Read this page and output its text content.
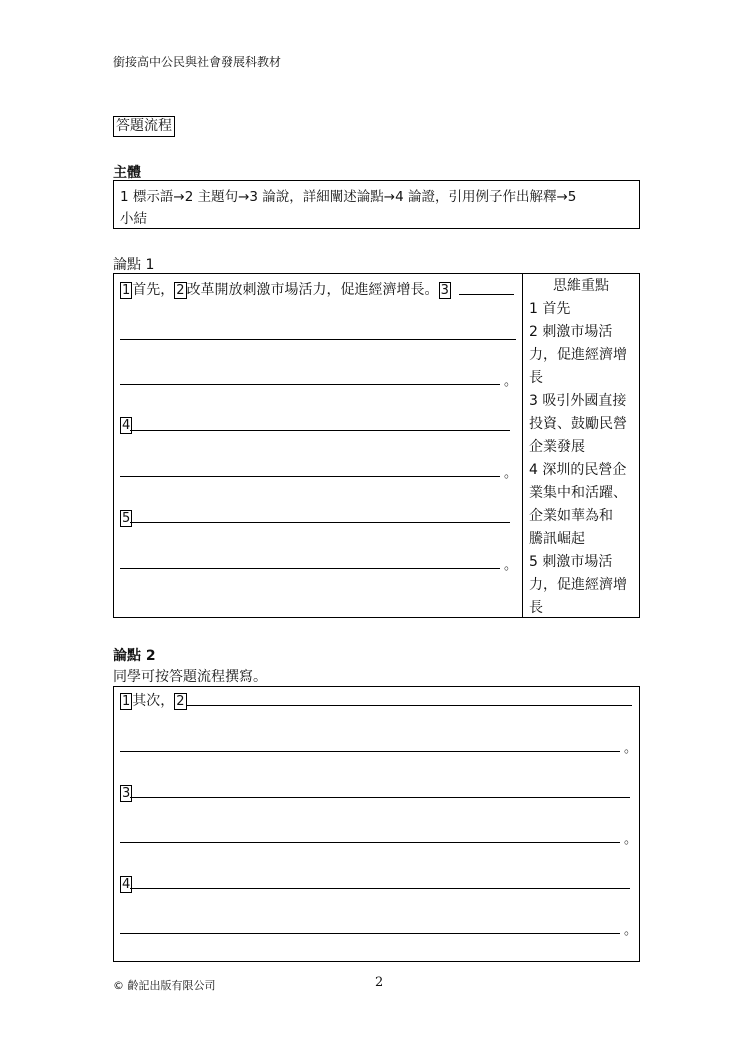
銜接高中公民與社會發展科教材
答題流程
主體
1 標示語→2 主題句→3 論說，詳細闡述論點→4 論證，引用例子作出解釋→5
小結
論點 1
1 首先， 2 改革開放刺激市場活力，促進經濟增長。 3
。
4
。
5
。
思維重點
1 首先
2 刺激市場活
力，促進經濟增
長
3 吸引外國直接
投資、鼓勵民營
企業發展
4 深圳的民營企
業集中和活躍、
企業如華為和
騰訊崛起
5 刺激市場活
力，促進經濟增
長
論點 2
同學可按答題流程撰寫。
1 其次， 2
。
3
。
4
。
© 齡記出版有限公司	2
